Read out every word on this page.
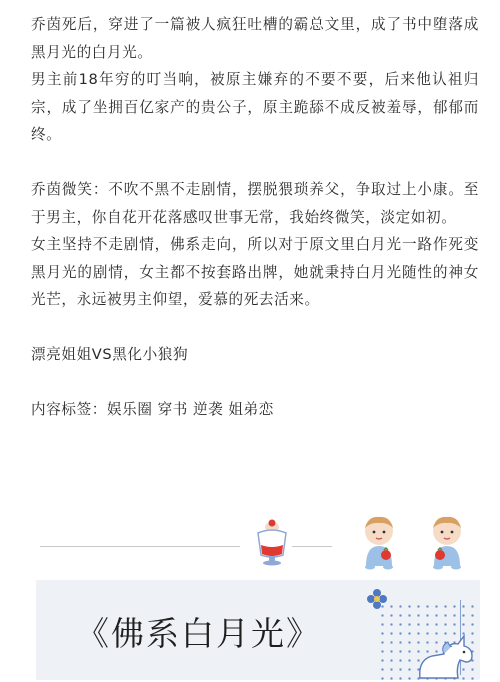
乔茵死后，穿进了一篇被人疯狂吐槽的霸总文里，成了书中堕落成黑月光的白月光。

男主前18年穷的叮当响，被原主嫌弃的不要不要，后来他认祖归宗，成了坐拥百亿家产的贵公子，原主跪舔不成反被羞辱，郁郁而终。

乔茵微笑：不吹不黑不走剧情，摆脱猥琐养父，争取过上小康。至于男主，你自花开花落感叹世事无常，我始终微笑，淡定如初。

女主坚持不走剧情，佛系走向，所以对于原文里白月光一路作死变黑月光的剧情，女主都不按套路出牌，她就秉持白月光随性的神女光芒，永远被男主仰望，爱慕的死去活来。

漂亮姐姐VS黑化小狼狗

内容标签：娱乐圈 穿书 逆袭 姐弟恋

《佛系白月光》
